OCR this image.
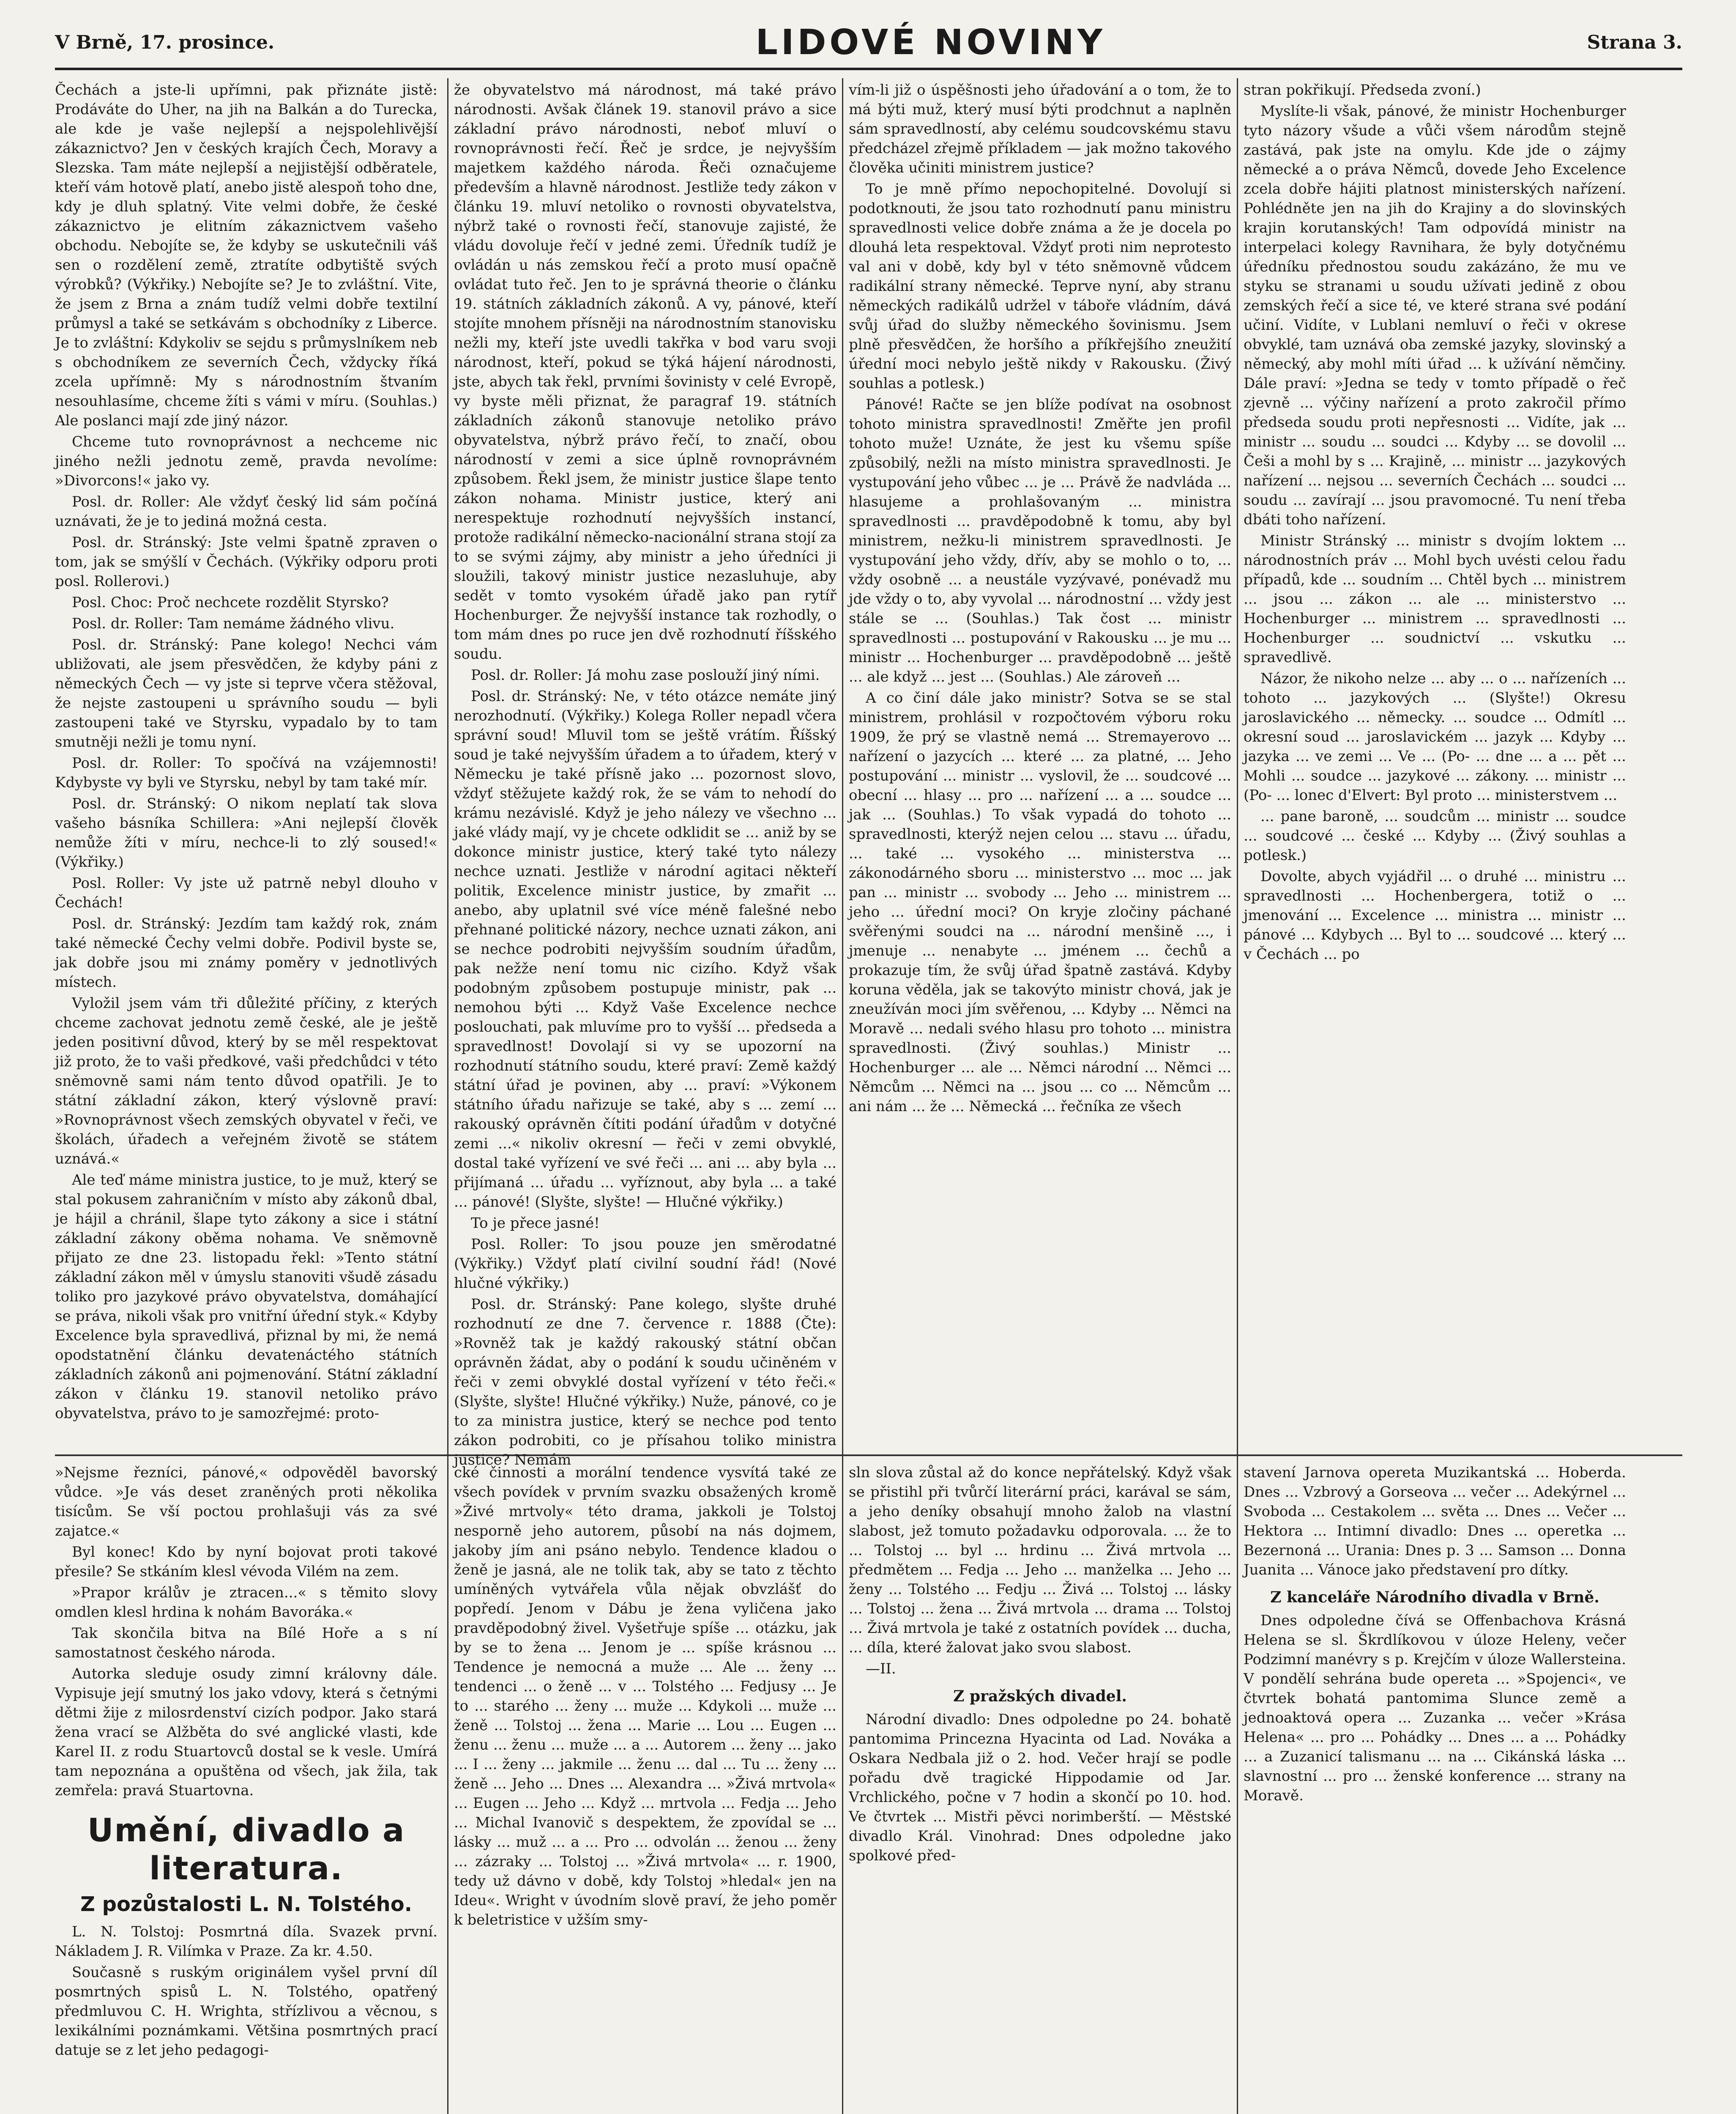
V Brně, 17. prosince.	LIDOVÉ NOVINY	Strana 3.

Čechách a jste-li upřímni, pak přiznáte jistě: Prodáváte do Uher, na jih na Balkán a do Turecka, ale kde je vaše nejlepší a nejspolehlivější zákaznictvo? Jen v českých krajích Čech, Moravy a Slezska. Tam máte nejlepší a nejjistější odběratele, kteří vám hotově platí, anebo jistě alespoň toho dne, kdy je dluh splatný. Vite velmi dobře, že české zákaznictvo je elitním zákaznictvem vašeho obchodu. Nebojíte se, že kdyby se uskutečnili váš sen o rozdělení země, ztratíte odbytiště svých výrobků? (Výkřiky.) Nebojíte se? Je to zvláštní. Vite, že jsem z Brna a znám tudíž velmi dobře textilní průmysl a také se setkávám s obchodníky z Liberce. Je to zvláštní: Kdykoliv se sejdu s průmyslníkem neb s obchodníkem ze severních Čech, vždycky říká zcela upřímně: My s národnostním štvaním nesouhlasíme, chceme žíti s vámi v míru. (Souhlas.) Ale poslanci mají zde jiný názor.

Chceme tuto rovnoprávnost a nechceme nic jiného nežli jednotu země, pravda nevolíme: »Divorcons!« jako vy.

Posl. dr. Roller: Ale vždyť český lid sám počíná uznávati, že je to jediná možná cesta.

Posl. dr. Stránský: Jste velmi špatně zpraven o tom, jak se smýšlí v Čechách. (Výkřiky odporu proti posl. Rollerovi.)

Posl. Choc: Proč nechcete rozdělit Styrsko?

Posl. dr. Roller: Tam nemáme žádného vlivu.

Posl. dr. Stránský: Pane kolego! Nechci vám ubližovati, ale jsem přesvědčen, že kdyby páni z německých Čech — vy jste si teprve včera stěžoval, že nejste zastoupeni u správního soudu — byli zastoupeni také ve Styrsku, vypadalo by to tam smutněji nežli je tomu nyní.

Posl. dr. Roller: To spočívá na vzájemnosti! Kdybyste vy byli ve Styrsku, nebyl by tam také mír.

Posl. dr. Stránský: O nikom neplatí tak slova vašeho básníka Schillera: »Ani nejlepší člověk nemůže žíti v míru, nechce-li to zlý soused!« (Výkřiky.)

Posl. Roller: Vy jste už patrně nebyl dlouho v Čechách!

Posl. dr. Stránský: Jezdím tam každý rok, znám také německé Čechy velmi dobře. Podivil byste se, jak dobře jsou mi známy poměry v jednotlivých místech.

Vyložil jsem vám tři důležité příčiny, z kterých chceme zachovat jednotu země české, ale je ještě jeden positivní důvod, který by se měl respektovat již proto, že to vaši předkové, vaši předchůdci v této sněmovně sami nám tento důvod opatřili. Je to státní základní zákon, který výslovně praví: »Rovnoprávnost všech zemských obyvatel v řeči, ve školách, úřadech a veřejném životě se státem uznává.«

Ale teď máme ministra justice, to je muž, který se stal pokusem zahraničním v místo aby zákonů dbal, je hájil a chránil, šlape tyto zákony a sice i státní základní zákony oběma nohama. Ve sněmovně přijato ze dne 23. listopadu řekl: »Tento státní základní zákon měl v úmyslu stanoviti všudě zásadu toliko pro jazykové právo obyvatelstva, domáhající se práva, nikoli však pro vnitřní úřední styk.« Kdyby Excelence byla spravedlivá, přiznal by mi, že nemá opodstatnění článku devatenáctého státních základních zákonů ani pojmenování. Státní základní zákon v článku 19. stanovil netoliko právo obyvatelstva, právo to je samozřejmé: proto-

že obyvatelstvo má národnost, má také právo národnosti. Avšak článek 19. stanovil právo a sice základní právo národnosti, neboť mluví o rovnoprávnosti řečí. Řeč je srdce, je nejvyšším majetkem každého národa. Řeči označujeme především a hlavně národnost. Jestliže tedy zákon v článku 19. mluví netoliko o rovnosti obyvatelstva, nýbrž také o rovnosti řečí, stanovuje zajisté, že vládu dovoluje řečí v jedné zemi. Úředník tudíž je ovládán u nás zemskou řečí a proto musí opačně ovládat tuto řeč. Jen to je správná theorie o článku 19. státních základních zákonů. A vy, pánové, kteří stojíte mnohem přísněji na národnostním stanovisku nežli my, kteří jste uvedli takřka v bod varu svoji národnost, kteří, pokud se týká hájení národnosti, jste, abych tak řekl, prvními šovinisty v celé Evropě, vy byste měli přiznat, že paragraf 19. státních základních zákonů stanovuje netoliko právo obyvatelstva, nýbrž právo řečí, to značí, obou národností v zemi a sice úplně rovnoprávném způsobem. Řekl jsem, že ministr justice šlape tento zákon nohama. Ministr justice, který ani nerespektuje rozhodnutí nejvyšších instancí, protože radikální německo-nacionální strana stojí za to se svými zájmy, aby ministr a jeho úředníci ji sloužili, takový ministr justice nezasluhuje, aby sedět v tomto vysokém úřadě jako pan rytíř Hochenburger. Že nejvyšší instance tak rozhodly, o tom mám dnes po ruce jen dvě rozhodnutí říšského soudu.

Posl. dr. Roller: Já mohu zase poslouží jiný ními.

Posl. dr. Stránský: Ne, v této otázce nemáte jiný nerozhodnutí. (Výkřiky.) Kolega Roller nepadl včera správní soud! Mluvil tom se ještě vrátím. Říšský soud je také nejvyšším úřadem a to úřadem, který v Německu je také přísně jako ... pozornost slovo, vždyť stěžujete každý rok, že se vám to nehodí do krámu nezávislé. Když je jeho nálezy ve všechno ... jaké vlády mají, vy je chcete odklidit se ... aniž by se dokonce ministr justice, který také tyto nálezy nechce uznati. Jestliže v národní agitaci někteří politik, Excelence ministr justice, by zmařit ... anebo, aby uplatnil své více méně falešné nebo přehnané politické názory, nechce uznati zákon, ani se nechce podrobiti nejvyšším soudním úřadům, pak nežže není tomu nic cizího. Když však podobným způsobem postupuje ministr, pak ... nemohou býti ... Když Vaše Excelence nechce poslouchati, pak mluvíme pro to vyšší ... předseda a spravedlnost! Dovolají si vy se upozorní na rozhodnutí státního soudu, které praví: Země každý státní úřad je povinen, aby ... praví: »Výkonem státního úřadu nařizuje se také, aby s ... zemí ... rakouský oprávněn čítiti podání úřadům v dotyčné zemi ...« nikoliv okresní — řeči v zemi obvyklé, dostal také vyřízení ve své řeči ... ani ... aby byla ... přijímaná ... úřadu ... vyříznout, aby byla ... a také ... pánové! (Slyšte, slyšte! — Hlučné výkřiky.)

To je přece jasné!

Posl. Roller: To jsou pouze jen směrodatné (Výkřiky.) Vždyť platí civilní soudní řád! (Nové hlučné výkřiky.)

Posl. dr. Stránský: Pane kolego, slyšte druhé rozhodnutí ze dne 7. července r. 1888 (Čte): »Rovněž tak je každý rakouský státní občan oprávněn žádat, aby o podání k soudu učiněném v řeči v zemi obvyklé dostal vyřízení v této řeči.« (Slyšte, slyšte! Hlučné výkřiky.) Nuže, pánové, co je to za ministra justice, který se nechce pod tento zákon podrobiti, co je přísahou toliko ministra justice? Nemám

vím-li již o úspěšnosti jeho úřadování a o tom, že to má býti muž, který musí býti prodchnut a naplněn sám spravedlností, aby celému soudcovskému stavu předcházel zřejmě příkladem — jak možno takového člověka učiniti ministrem justice?

To je mně přímo nepochopitelné. Dovolují si podotknouti, že jsou tato rozhodnutí panu ministru spravedlnosti velice dobře známa a že je docela po dlouhá leta respektoval. Vždyť proti nim neprotesto val ani v době, kdy byl v této sněmovně vůdcem radikální strany německé. Teprve nyní, aby stranu německých radikálů udržel v táboře vládním, dává svůj úřad do služby německého šovinismu. Jsem plně přesvědčen, že horšího a příkřejšího zneužití úřední moci nebylo ještě nikdy v Rakousku. (Živý souhlas a potlesk.)

Pánové! Račte se jen blíže podívat na osobnost tohoto ministra spravedlnosti! Změřte jen profil tohoto muže! Uznáte, že jest ku všemu spíše způsobilý, nežli na místo ministra spravedlnosti. Je vystupování jeho vůbec ... je ... Právě že nadvláda ... hlasujeme a prohlašovaným ... ministra spravedlnosti ... pravděpodobně k tomu, aby byl ministrem, nežku-li ministrem spravedlnosti. Je vystupování jeho vždy, dřív, aby se mohlo o to, ... vždy osobně ... a neustále vyzývavé, ponévadž mu jde vždy o to, aby vyvolal ... národnostní ... vždy jest stále se ... (Souhlas.) Tak čost ... ministr spravedlnosti ... postupování v Rakousku ... je mu ... ministr ... Hochenburger ... pravděpodobně ... ještě ... ale když ... jest ... (Souhlas.) Ale zároveň ...

A co činí dále jako ministr? Sotva se se stal ministrem, prohlásil v rozpočtovém výboru roku 1909, že prý se vlastně nemá ... Stremayerovo ... nařízení o jazycích ... které ... za platné, ... Jeho postupování ... ministr ... vyslovil, že ... soudcové ... obecní ... hlasy ... pro ... nařízení ... a ... soudce ... jak ... (Souhlas.) To však vypadá do tohoto ... spravedlnosti, kterýž nejen celou ... stavu ... úřadu, ... také ... vysokého ... ministerstva ... zákonodárného sboru ... ministerstvo ... moc ... jak pan ... ministr ... svobody ... Jeho ... ministrem ... jeho ... úřední moci? On kryje zločiny páchané svěřenými soudci na ... národní menšině ..., i jmenuje ... nenabyte ... jménem ... čechů a prokazuje tím, že svůj úřad špatně zastává. Kdyby koruna věděla, jak se takovýto ministr chová, jak je zneužíván moci jím svěřenou, ... Kdyby ... Němci na Moravě ... nedali svého hlasu pro tohoto ... ministra spravedlnosti. (Živý souhlas.) Ministr ... Hochenburger ... ale ... Němci národní ... Němci ... Němcům ... Němci na ... jsou ... co ... Němcům ... ani nám ... že ... Německá ... řečníka ze všech

stran pokřikují. Předseda zvoní.)

Myslíte-li však, pánové, že ministr Hochenburger tyto názory všude a vůči všem národům stejně zastává, pak jste na omylu. Kde jde o zájmy německé a o práva Němců, dovede Jeho Excelence zcela dobře hájiti platnost ministerských nařízení. Pohlédněte jen na jih do Krajiny a do slovinských krajin korutanských! Tam odpovídá ministr na interpelaci kolegy Ravnihara, že byly dotyčnému úředníku přednostou soudu zakázáno, že mu ve styku se stranami u soudu užívati jedině z obou zemských řečí a sice té, ve které strana své podání učiní. Vidíte, v Lublani nemluví o řeči v okrese obvyklé, tam uznává oba zemské jazyky, slovinský a německý, aby mohl míti úřad ... k užívání němčiny. Dále praví: »Jedna se tedy v tomto případě o řeč zjevně ... výčiny nařízení a proto zakročil přímo předseda soudu proti nepřesnosti ... Vidíte, jak ... ministr ... soudu ... soudci ... Kdyby ... se dovolil ... Češi a mohl by s ... Krajině, ... ministr ... jazykových nařízení ... nejsou ... severních Čechách ... soudci ... soudu ... zavírají ... jsou pravomocné. Tu není třeba dbáti toho nařízení.

Ministr Stránský ... ministr s dvojím loktem ... národnostních práv ... Mohl bych uvésti celou řadu případů, kde ... soudním ... Chtěl bych ... ministrem ... jsou ... zákon ... ale ... ministerstvo ... Hochenburger ... ministrem ... spravedlnosti ... Hochenburger ... soudnictví ... vskutku ... spravedlivě.

Názor, že nikoho nelze ... aby ... o ... nařízeních ... tohoto ... jazykových ... (Slyšte!) Okresu jaroslavického ... německy. ... soudce ... Odmítl ... okresní soud ... jaroslavickém ... jazyk ... Kdyby ... jazyka ... ve zemi ... Ve ... (Po- ... dne ... a ... pět ... Mohli ... soudce ... jazykové ... zákony. ... ministr ... (Po- ... lonec d'Elvert: Byl proto ... ministerstvem ...

... pane baroně, ... soudcům ... ministr ... soudce ... soudcové ... české ... Kdyby ... (Živý souhlas a potlesk.)

Dovolte, abych vyjádřil ... o druhé ... ministru ... spravedlnosti ... Hochenbergera, totiž o ... jmenování ... Excelence ... ministra ... ministr ... pánové ... Kdybych ... Byl to ... soudcové ... který ... v Čechách ... po

»Nejsme řezníci, pánové,« odpověděl bavorský vůdce. »Je vás deset zraněných proti několika tisícům. Se vší poctou prohlašuji vás za své zajatce.«

Byl konec! Kdo by nyní bojovat proti takové přesile? Se stkáním klesl vévoda Vilém na zem.

»Prapor králův je ztracen...« s těmito slovy omdlen klesl hrdina k nohám Bavoráka.«

Tak skončila bitva na Bílé Hoře a s ní samostatnost českého národa.

Autorka sleduje osudy zimní královny dále. Vypisuje její smutný los jako vdovy, která s četnými dětmi žije z milosrdenství cizích podpor. Jako stará žena vrací se Alžběta do své anglické vlasti, kde Karel II. z rodu Stuartovců dostal se k vesle. Umírá tam nepoznána a opuštěna od všech, jak žila, tak zemřela: pravá Stuartovna.

Umění, divadlo a literatura.
Z pozůstalosti L. N. Tolstého.

L. N. Tolstoj: Posmrtná díla. Svazek první. Nákladem J. R. Vilímka v Praze. Za kr. 4.50.

Současně s ruským originálem vyšel první díl posmrtných spisů L. N. Tolstého, opatřený předmluvou C. H. Wrighta, střízlivou a věcnou, s lexikálními poznámkami. Většina posmrtných prací datuje se z let jeho pedagogi-

cké činnosti a morální tendence vysvítá také ze všech povídek v prvním svazku obsažených kromě »Živé mrtvoly« této drama, jakkoli je Tolstoj nesporně jeho autorem, působí na nás dojmem, jakoby jím ani psáno nebylo. Tendence kladou o ženě je jasná, ale ne tolik tak, aby se tato z těchto umíněných vytvářela vůla nějak obvzlášť do popředí. Jenom v Dábu je žena vyličena jako pravděpodobný živel. Vyšetřuje spíše ... otázku, jak by se to žena ... Jenom je ... spíše krásnou ... Tendence je nemocná a muže ... Ale ... ženy ... tendenci ... o ženě ... v ... Tolstého ... Fedjusy ... Je to ... starého ... ženy ... muže ... Kdykoli ... muže ... ženě ... Tolstoj ... žena ... Marie ... Lou ... Eugen ... ženu ... ženu ... muže ... a ... Autorem ... ženy ... jako ... I ... ženy ... jakmile ... ženu ... dal ... Tu ... ženy ... ženě ... Jeho ... Dnes ... Alexandra ... »Živá mrtvola« ... Eugen ... Jeho ... Když ... mrtvola ... Fedja ... Jeho ... Michal Ivanovič s despektem, že zpovídal se ... lásky ... muž ... a ... Pro ... odvolán ... ženou ... ženy ... zázraky ... Tolstoj ... »Živá mrtvola« ... r. 1900, tedy už dávno v době, kdy Tolstoj »hledal« jen na Ideu«. Wright v úvodním slově praví, že jeho poměr k beletristice v užším smy-

sln slova zůstal až do konce nepřátelský. Když však se přistihl při tvůrčí literární práci, karával se sám, a jeho deníky obsahují mnoho žalob na vlastní slabost, jež tomuto požadavku odporovala. ... že to ... Tolstoj ... byl ... hrdinu ... Živá mrtvola ... předmětem ... Fedja ... Jeho ... manželka ... Jeho ... ženy ... Tolstého ... Fedju ... Živá ... Tolstoj ... lásky ... Tolstoj ... žena ... Živá mrtvola ... drama ... Tolstoj ... Živá mrtvola je také z ostatních povídek ... ducha, ... díla, které žalovat jako svou slabost.

—II.

Z pražských divadel.

Národní divadlo: Dnes odpoledne po 24. bohatě pantomima Princezna Hyacinta od Lad. Nováka a Oskara Nedbala již o 2. hod. Večer hrají se podle pořadu dvě tragické Hippodamie od Jar. Vrchlického, počne v 7 hodin a skončí po 10. hod. Ve čtvrtek ... Mistři pěvci norimberští. — Městské divadlo Král. Vinohrad: Dnes odpoledne jako spolkové před-

stavení Jarnova opereta Muzikantská ... Hoberda. Dnes ... Vzbrový a Gorseova ... večer ... Adekýrnel ... Svoboda ... Cestakolem ... světa ... Dnes ... Večer ... Hektora ... Intimní divadlo: Dnes ... operetka ... Bezernoná ... Urania: Dnes p. 3 ... Samson ... Donna Juanita ... Vánoce jako představení pro dítky.

Z kanceláře Národního divadla v Brně.

Dnes odpoledne čívá se Offenbachova Krásná Helena se sl. Škrdlíkovou v úloze Heleny, večer Podzimní manévry s p. Krejčím v úloze Wallersteina. V pondělí sehrána bude opereta ... »Spojenci«, ve čtvrtek bohatá pantomima Slunce země a jednoaktová opera ... Zuzanka ... večer »Krása Helena« ... pro ... Pohádky ... Dnes ... a ... Pohádky ... a Zuzanicí talismanu ... na ... Cikánská láska ... slavnostní ... pro ... ženské konference ... strany na Moravě.
